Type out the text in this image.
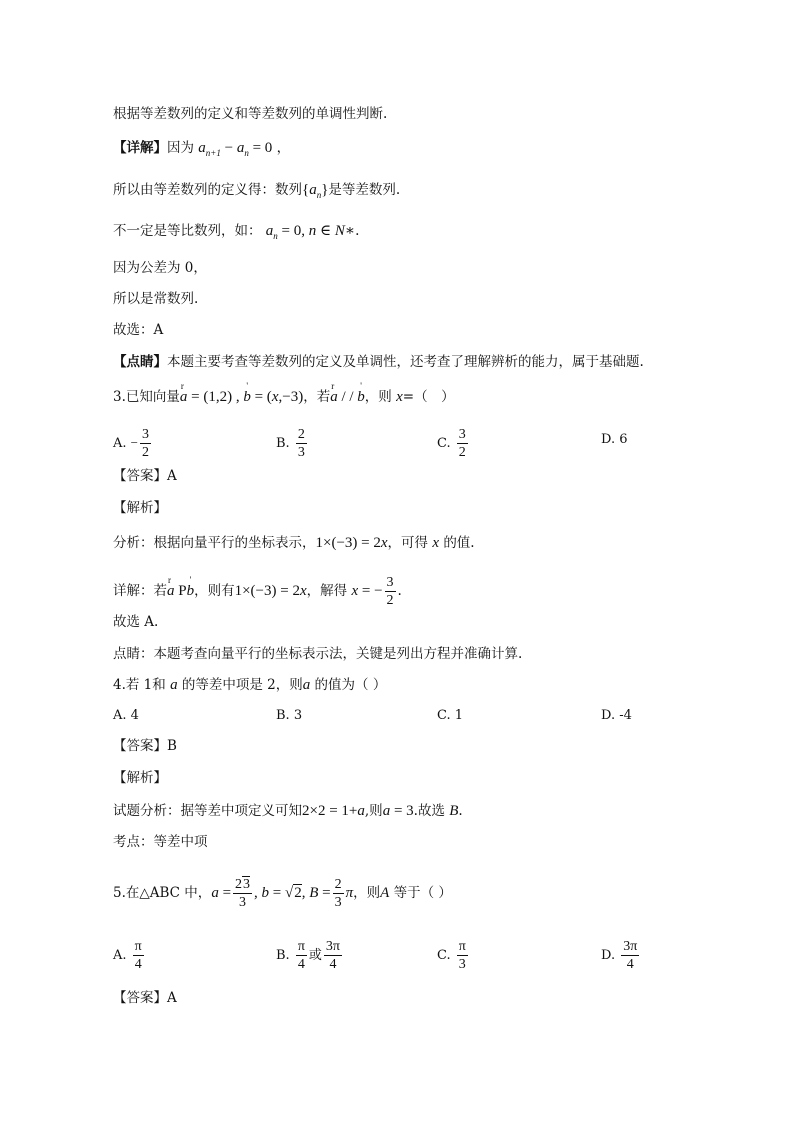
根据等差数列的定义和等差数列的单调性判断.
【详解】因为 $a_{n+1} - a_n = 0$ ，
所以由等差数列的定义得：数列$\{a_n\}$是等差数列.
不一定是等比数列，如： $a_n = 0$, n ∈ N∗.
因为公差为 0，
所以是常数列.
故选：A
【点睛】本题主要考查等差数列的定义及单调性，还考查了理解辨析的能力，属于基础题.
3.已知向量r a = (1,2) , ' b = (x,−3)，若r a / / ' b，则 x=（　）
A. − $\frac{3}{2}$	B. $\frac{2}{3}$	C. $\frac{3}{2}$	D. 6
【答案】A
【解析】
分析：根据向量平行的坐标表示，1×(−3) = 2x，可得 x 的值.
详解：若r a P' b，则有1×(−3) = 2x，解得 x = − $\frac{3}{2}$ .
故选 A.
点睛：本题考查向量平行的坐标表示法，关键是列出方程并准确计算.
4.若 1和 a 的等差中项是 2，则a 的值为（ ）
A. 4	B. 3	C. 1	D. -4
【答案】B
【解析】
试题分析：据等差中项定义可知2×2 = 1+a,则a = 3.故选 B.
考点：等差中项
5.在△ABC 中，$a = \frac{23}{3}$ , b = √2, $B = \frac{2}{3}$ π，则A 等于（ ）
A. $\frac{\pi}{4}$	B. $\frac{\pi}{4}$ 或 $\frac{3\pi}{4}$	C. $\frac{\pi}{3}$	D. $\frac{3\pi}{4}$
【答案】A
